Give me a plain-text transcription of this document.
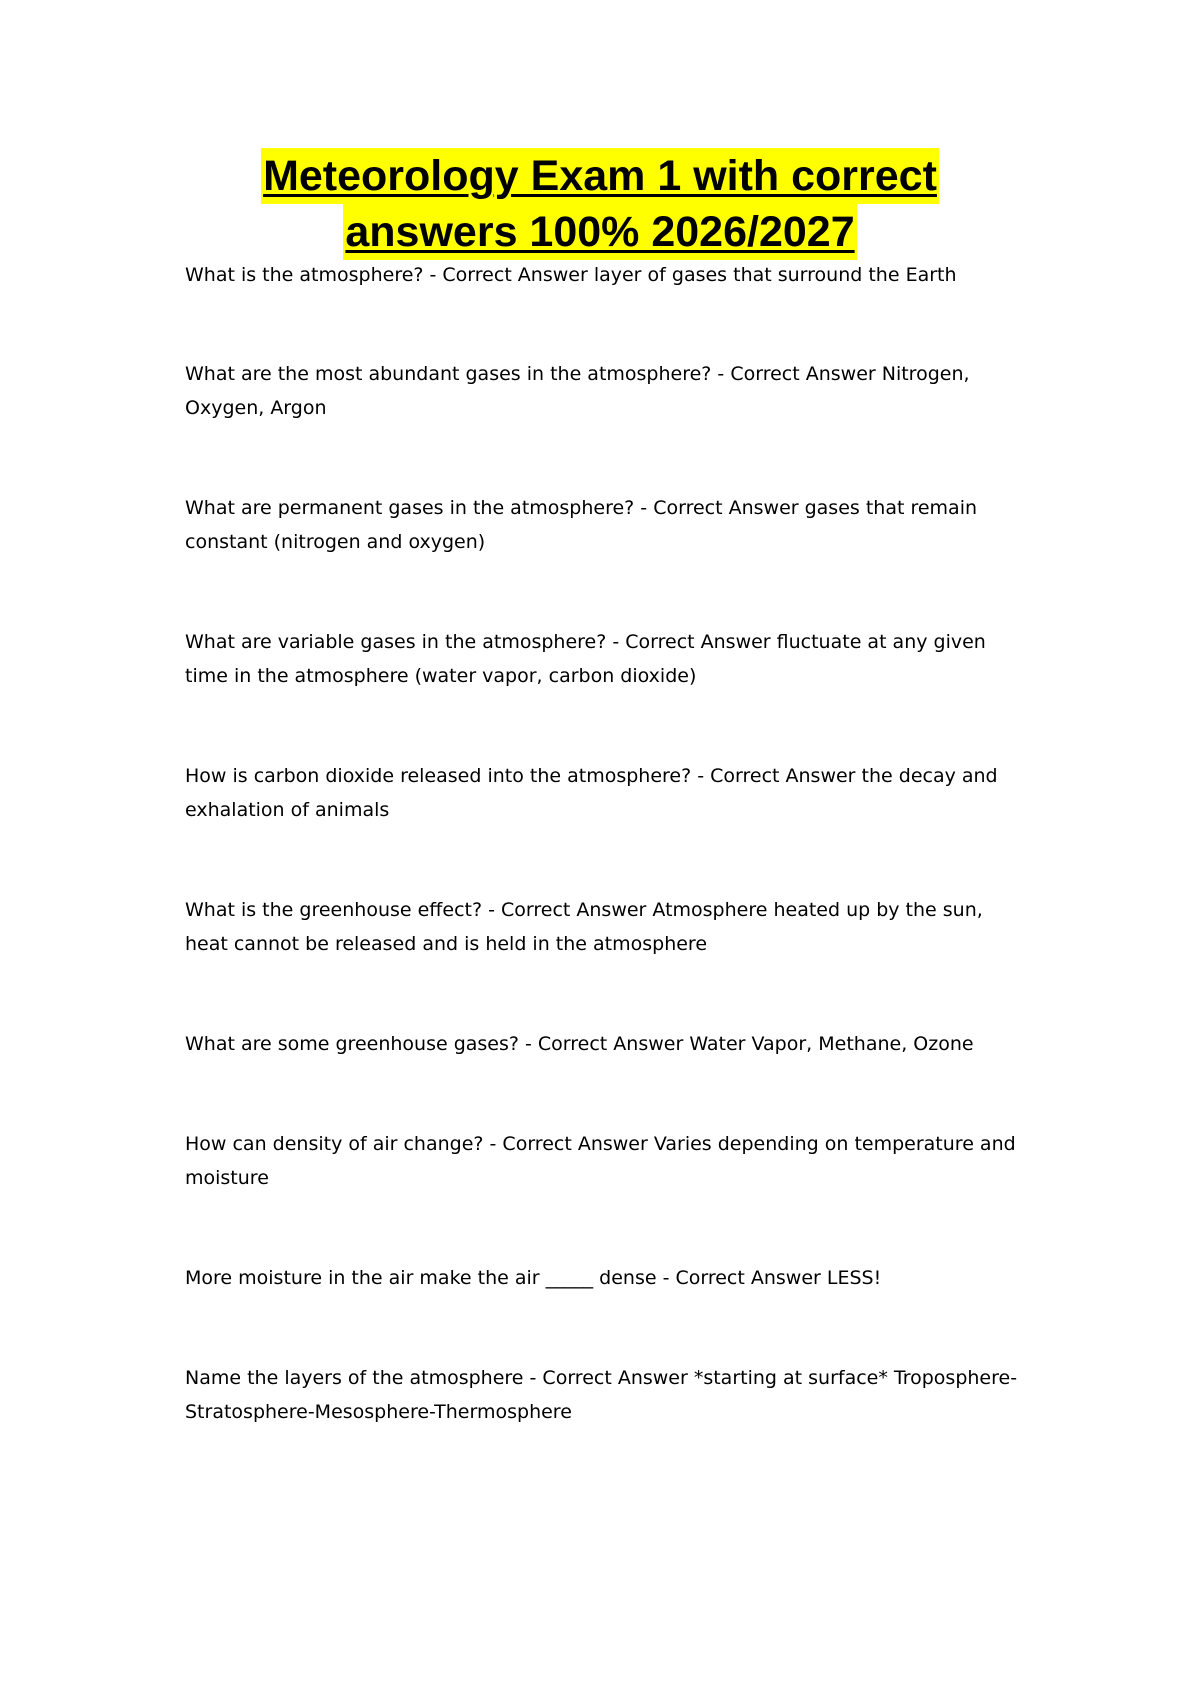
Meteorology Exam 1 with correct
answers 100% 2026/2027

What is the atmosphere? - Correct Answer layer of gases that surround the Earth

What are the most abundant gases in the atmosphere? - Correct Answer Nitrogen, Oxygen, Argon

What are permanent gases in the atmosphere? - Correct Answer gases that remain constant (nitrogen and oxygen)

What are variable gases in the atmosphere? - Correct Answer fluctuate at any given time in the atmosphere (water vapor, carbon dioxide)

How is carbon dioxide released into the atmosphere? - Correct Answer the decay and exhalation of animals

What is the greenhouse effect? - Correct Answer Atmosphere heated up by the sun, heat cannot be released and is held in the atmosphere

What are some greenhouse gases? - Correct Answer Water Vapor, Methane, Ozone

How can density of air change? - Correct Answer Varies depending on temperature and moisture

More moisture in the air make the air _____ dense - Correct Answer LESS!

Name the layers of the atmosphere - Correct Answer *starting at surface* Troposphere-Stratosphere-Mesosphere-Thermosphere
